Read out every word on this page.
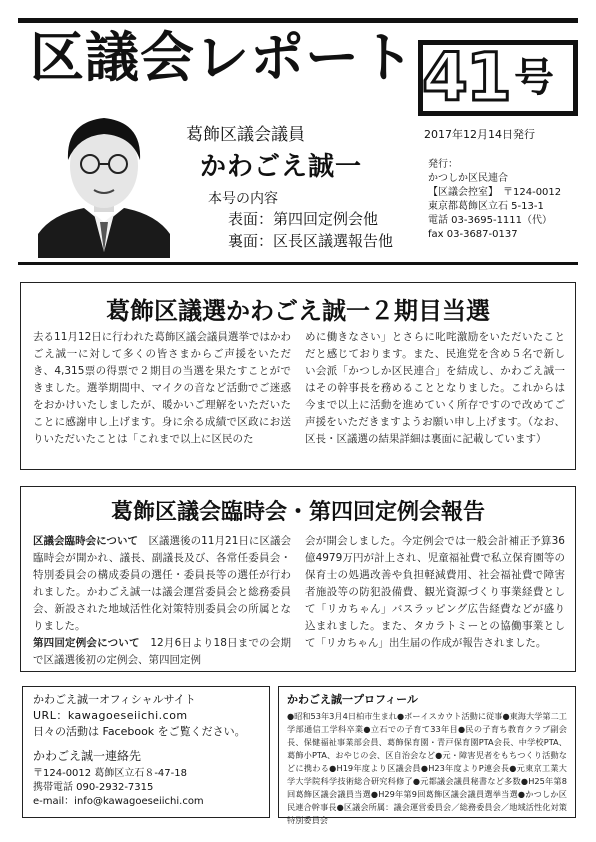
区議会レポート 41 号
2017年12月14日発行
葛飾区議会議員
かわごえ誠一
本号の内容
表面：第四回定例会他
裏面：区長区議選報告他
発行：
かつしか区民連合
【区議会控室】　〒124-0012
東京都葛飾区立石 5-13-1
電話 03-3695-1111（代）
fax 03-3687-0137
葛飾区議選かわごえ誠一２期目当選
去る11月12日に行われた葛飾区議会議員選挙ではかわごえ誠一に対して多くの皆さまからご声援をいただき、4,315票の得票で２期目の当選を果たすことができました。選挙期間中、マイクの音など活動でご迷惑をおかけいたしましたが、暖かいご理解をいただいたことに感謝申し上げます。身に余る成績で区政にお送りいただいたことは「これまで以上に区民のた
めに働きなさい」とさらに叱咤激励をいただいたことだと感じております。また、民進党を含め５名で新しい会派「かつしか区民連合」を結成し、かわごえ誠一はその幹事長を務めることとなりました。これからは今まで以上に活動を進めていく所存ですので改めてご声援をいただきますようお願い申し上げます。（なお、区長・区議選の結果詳細は裏面に記載しています）
葛飾区議会臨時会・第四回定例会報告
区議会臨時会について　区議選後の11月21日に区議会臨時会が開かれ、議長、副議長及び、各常任委員会・特別委員会の構成委員の選任・委員長等の選任が行われました。かわごえ誠一は議会運営委員会と総務委員会、新設された地域活性化対策特別委員会の所属となりました。
第四回定例会について　12月6日より18日までの会期で区議選後初の定例会、第四回定例
会が開会しました。今定例会では一般会計補正予算36億4979万円が計上され、児童福祉費で私立保育園等の保育士の処遇改善や負担軽減費用、社会福祉費で障害者施設等の防犯設備費、観光資源づくり事業経費として「リカちゃん」バスラッピング広告経費などが盛り込まれました。また、タカラトミーとの協働事業として「リカちゃん」出生届の作成が報告されました。
かわごえ誠一オフィシャルサイト
URL：kawagoeseiichi.com
日々の活動は Facebook をご覧ください。
かわごえ誠一連絡先
〒124-0012 葛飾区立石８-47-18
携帯電話 090-2932-7315
e-mail：info@kawagoeseiichi.com
かわごえ誠一プロフィール
●昭和53年3月4日柏市生まれ●ボーイスカウト活動に従事●東海大学第二工学部通信工学科卒業●立石での子育て33年目●民の子育ち教育クラブ副会長、保健福祉事業部会員、葛飾保育園・青戸保育園PTA会長、中学校PTA、葛飾小PTA、おやじの会、区自治会など●元・障害児者をもちつくり活動などに携わる●H19年度より区議会員●H23年度よりP連会長●元東京工業大学大学院科学技術総合研究科修了●元都議会議員秘書など多数●H25年第8回葛飾区議会議員当選●H29年第9回葛飾区議会議員選挙当選●かつしか区民連合幹事長●区議会所属：議会運営委員会／総務委員会／地域活性化対策特別委員会
